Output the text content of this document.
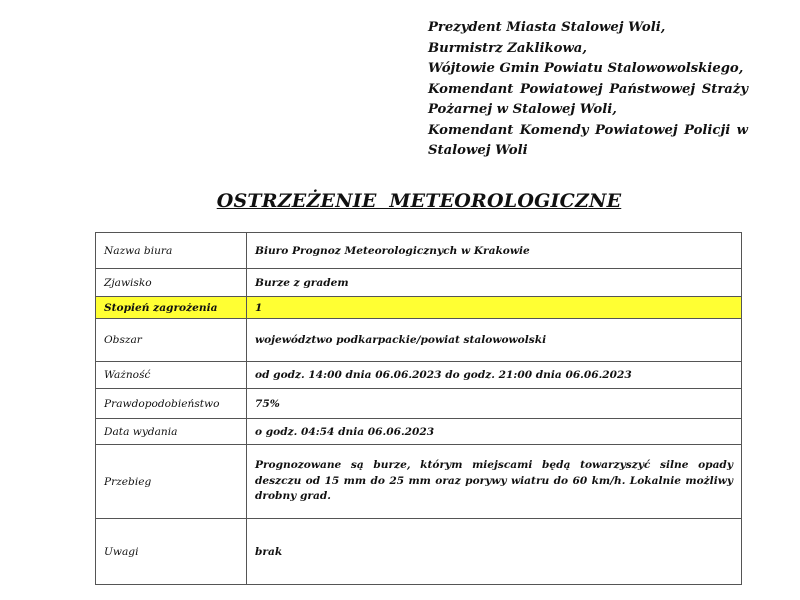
Prezydent Miasta Stalowej Woli,
Burmistrz Zaklikowa,
Wójtowie Gmin Powiatu Stalowowolskiego,
Komendant Powiatowej Państwowej Straży Pożarnej w Stalowej Woli,
Komendant Komendy Powiatowej Policji w Stalowej Woli
OSTRZEŻENIE METEOROLOGICZNE
Nazwa biura	Biuro Prognoz Meteorologicznych w Krakowie
Zjawisko	Burze z gradem
Stopień zagrożenia	1
Obszar	województwo podkarpackie/powiat stalowowolski
Ważność	od godz. 14:00 dnia 06.06.2023 do godz. 21:00 dnia 06.06.2023
Prawdopodobieństwo	75%
Data wydania	o godz. 04:54 dnia 06.06.2023
Przebieg	Prognozowane są burze, którym miejscami będą towarzyszyć silne opady deszczu od 15 mm do 25 mm oraz porywy wiatru do 60 km/h. Lokalnie możliwy drobny grad.
Uwagi	brak
